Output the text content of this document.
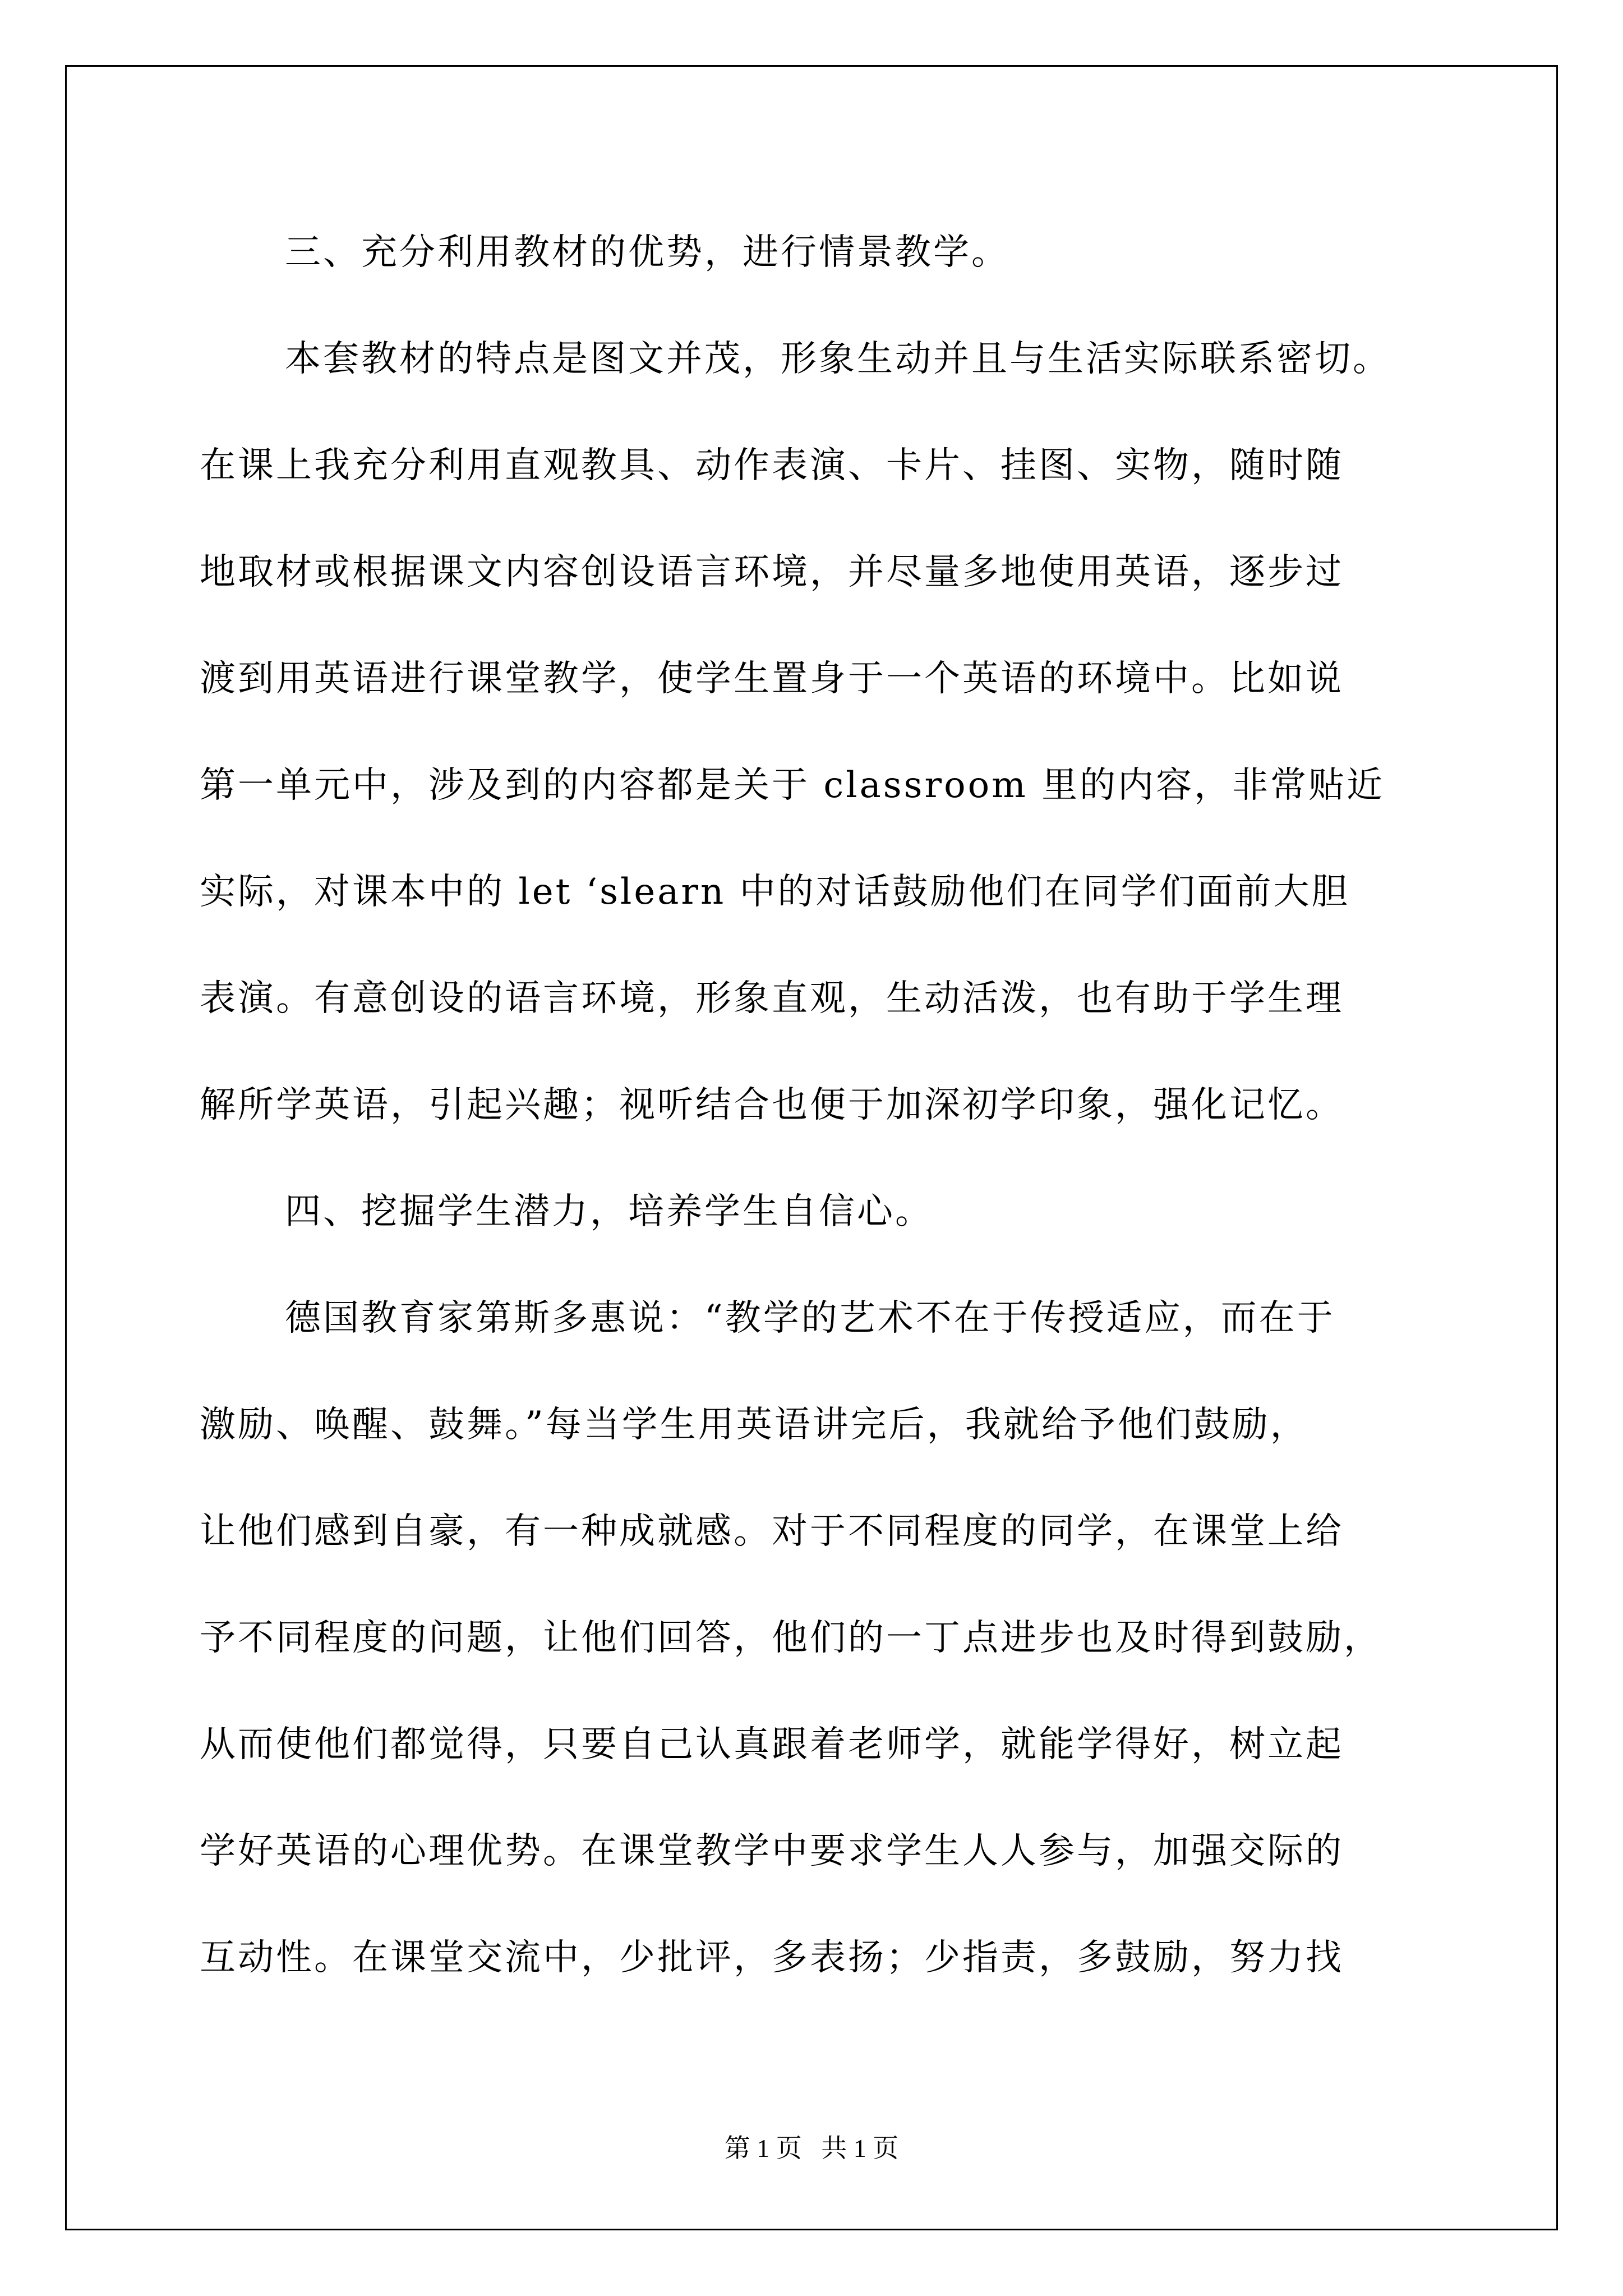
三、充分利用教材的优势，进行情景教学。
本套教材的特点是图文并茂，形象生动并且与生活实际联系密切。
在课上我充分利用直观教具、动作表演、卡片、挂图、实物，随时随
地取材或根据课文内容创设语言环境，并尽量多地使用英语，逐步过
渡到用英语进行课堂教学，使学生置身于一个英语的环境中。比如说
第一单元中，涉及到的内容都是关于 classroom 里的内容，非常贴近
实际，对课本中的 let ‘slearn 中的对话鼓励他们在同学们面前大胆
表演。有意创设的语言环境，形象直观，生动活泼，也有助于学生理
解所学英语，引起兴趣；视听结合也便于加深初学印象，强化记忆。
四、挖掘学生潜力，培养学生自信心。
德国教育家第斯多惠说：“教学的艺术不在于传授适应，而在于
激励、唤醒、鼓舞。”每当学生用英语讲完后，我就给予他们鼓励，
让他们感到自豪，有一种成就感。对于不同程度的同学，在课堂上给
予不同程度的问题，让他们回答，他们的一丁点进步也及时得到鼓励，
从而使他们都觉得，只要自己认真跟着老师学，就能学得好，树立起
学好英语的心理优势。在课堂教学中要求学生人人参与，加强交际的
互动性。在课堂交流中，少批评，多表扬；少指责，多鼓励，努力找
第 1 页   共 1 页
